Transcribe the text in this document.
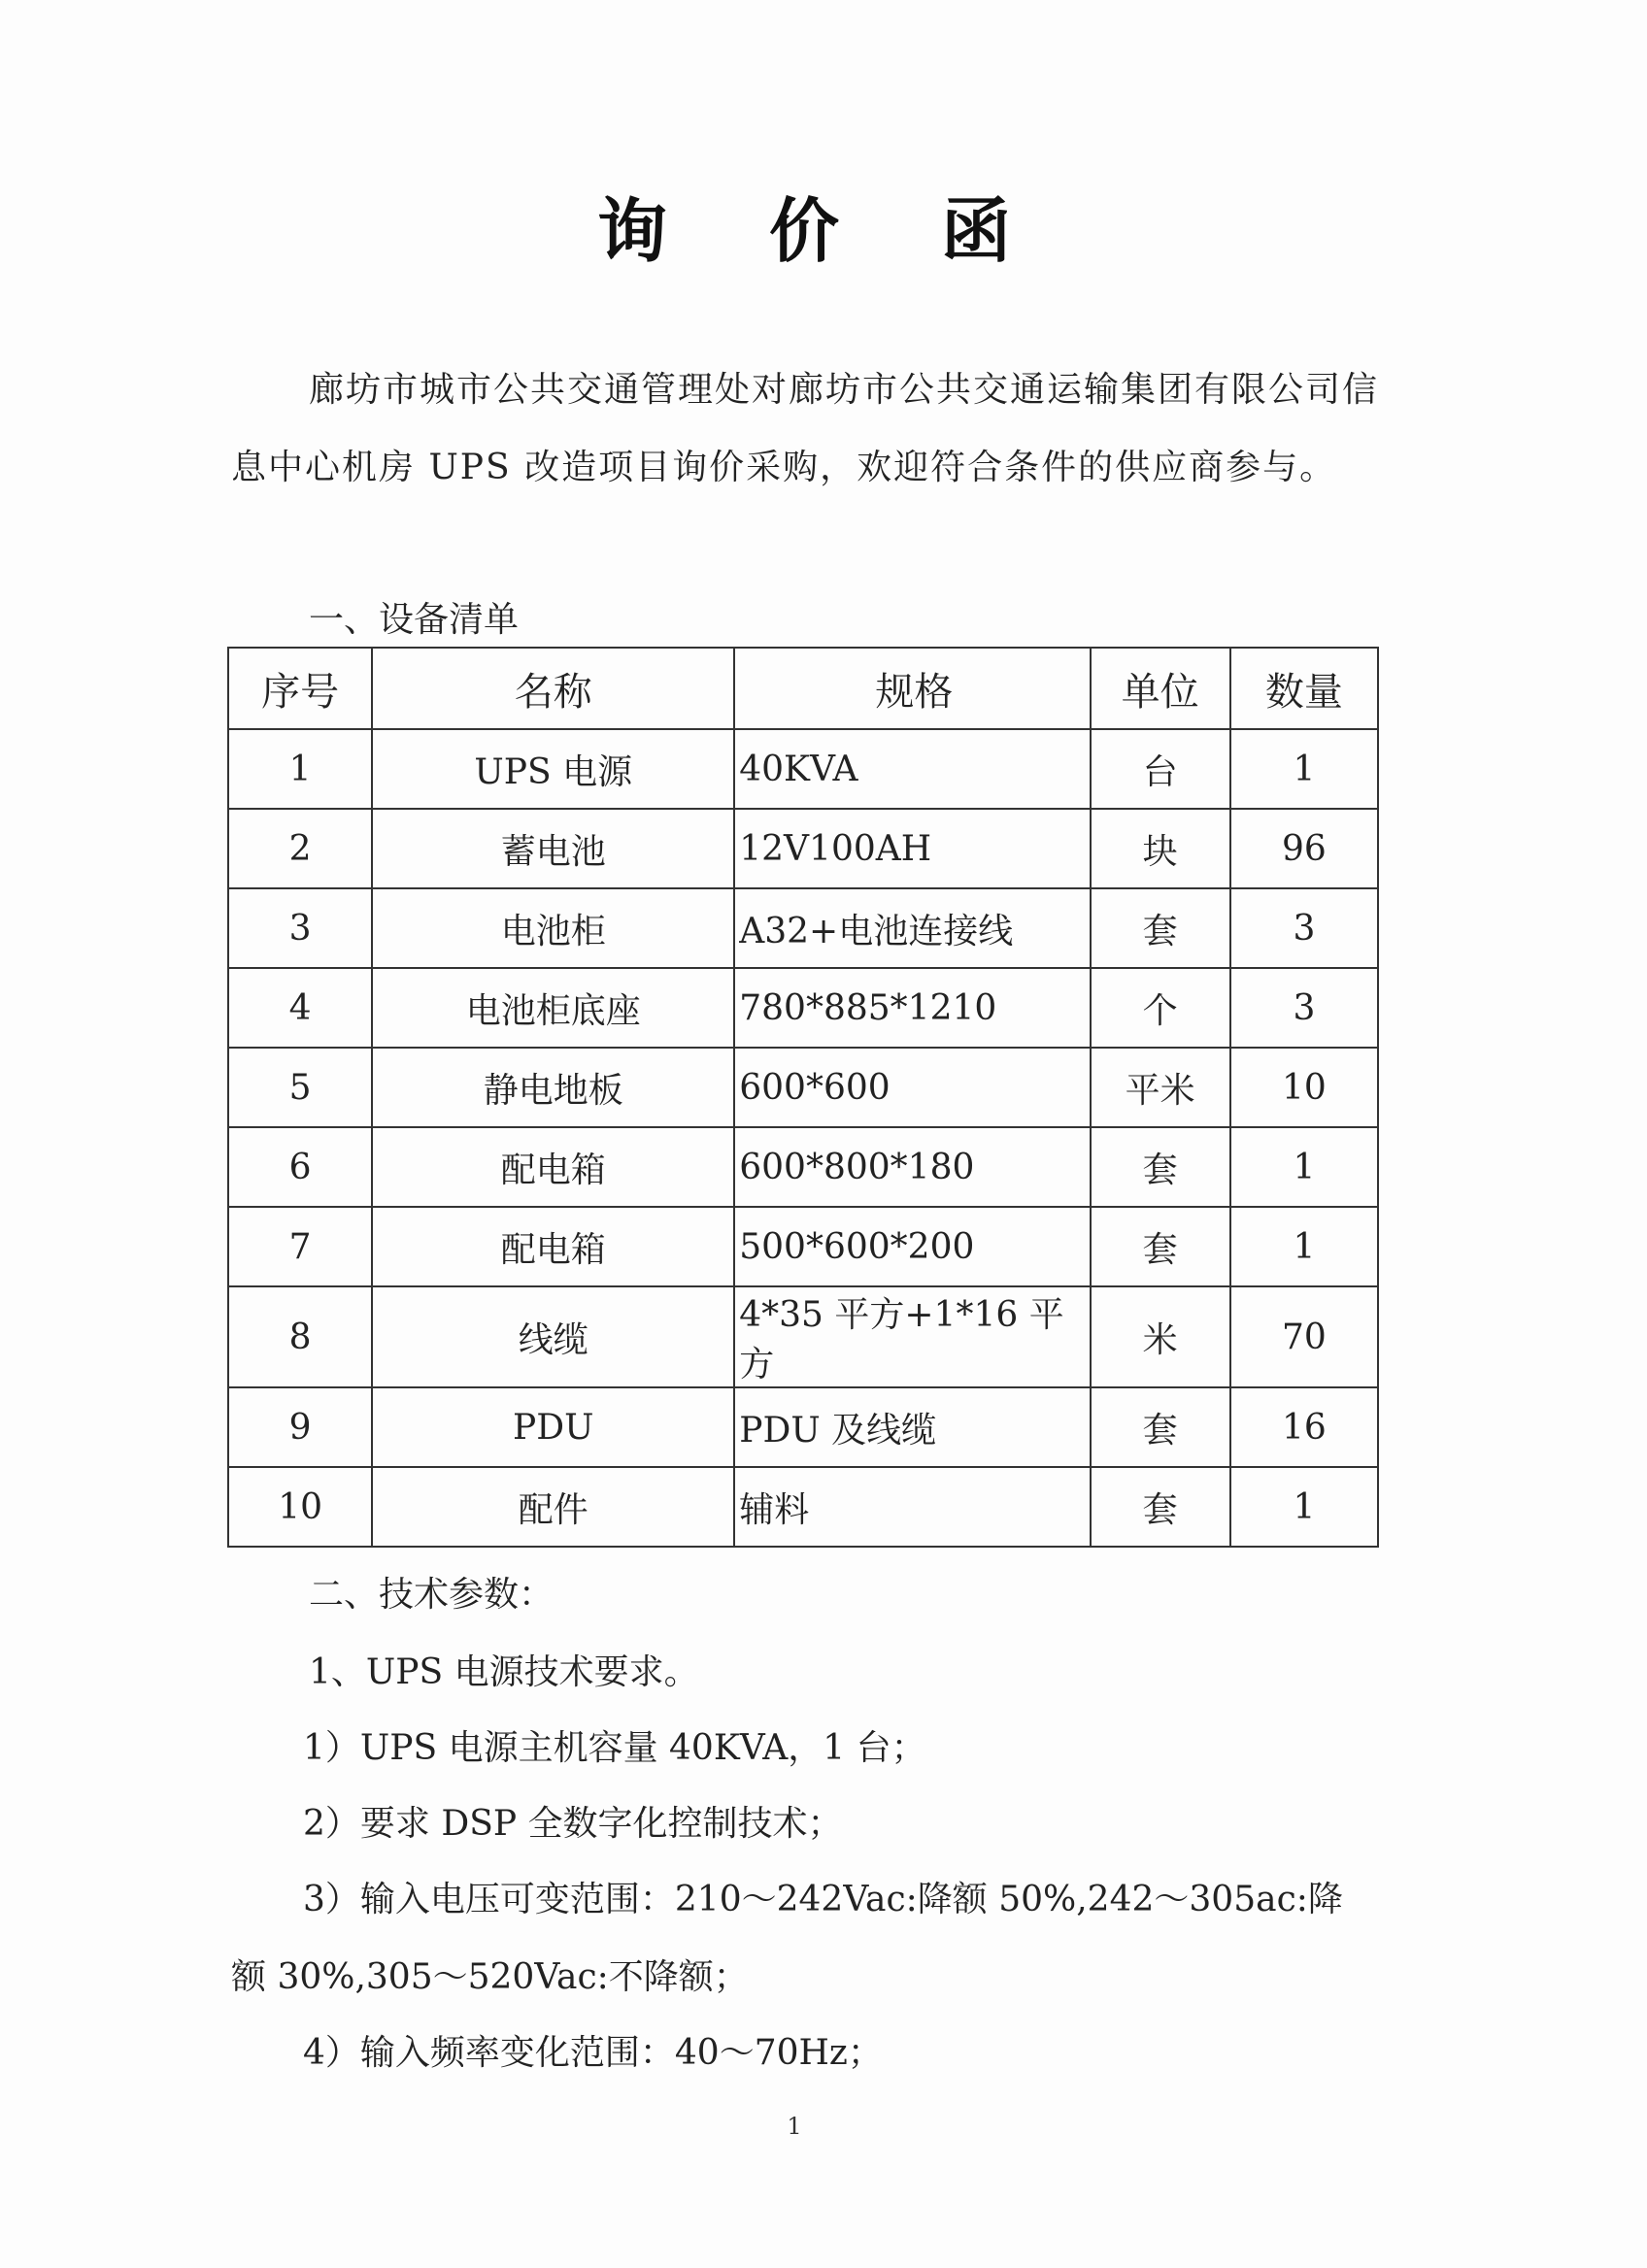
询 价 函
廊坊市城市公共交通管理处对廊坊市公共交通运输集团有限公司信息中心机房 UPS 改造项目询价采购，欢迎符合条件的供应商参与。
一、设备清单
序号	名称	规格	单位	数量
1	UPS 电源	40KVA	台	1
2	蓄电池	12V100AH	块	96
3	电池柜	A32+电池连接线	套	3
4	电池柜底座	780*885*1210	个	3
5	静电地板	600*600	平米	10
6	配电箱	600*800*180	套	1
7	配电箱	500*600*200	套	1
8	线缆	4*35 平方+1*16 平方	米	70
9	PDU	PDU 及线缆	套	16
10	配件	辅料	套	1
二、技术参数：
1、UPS 电源技术要求。
1）UPS 电源主机容量 40KVA，1 台；
2）要求 DSP 全数字化控制技术；
3）输入电压可变范围：210～242Vac:降额 50%,242～305ac:降
额 30%,305～520Vac:不降额；
4）输入频率变化范围：40～70Hz；
1
